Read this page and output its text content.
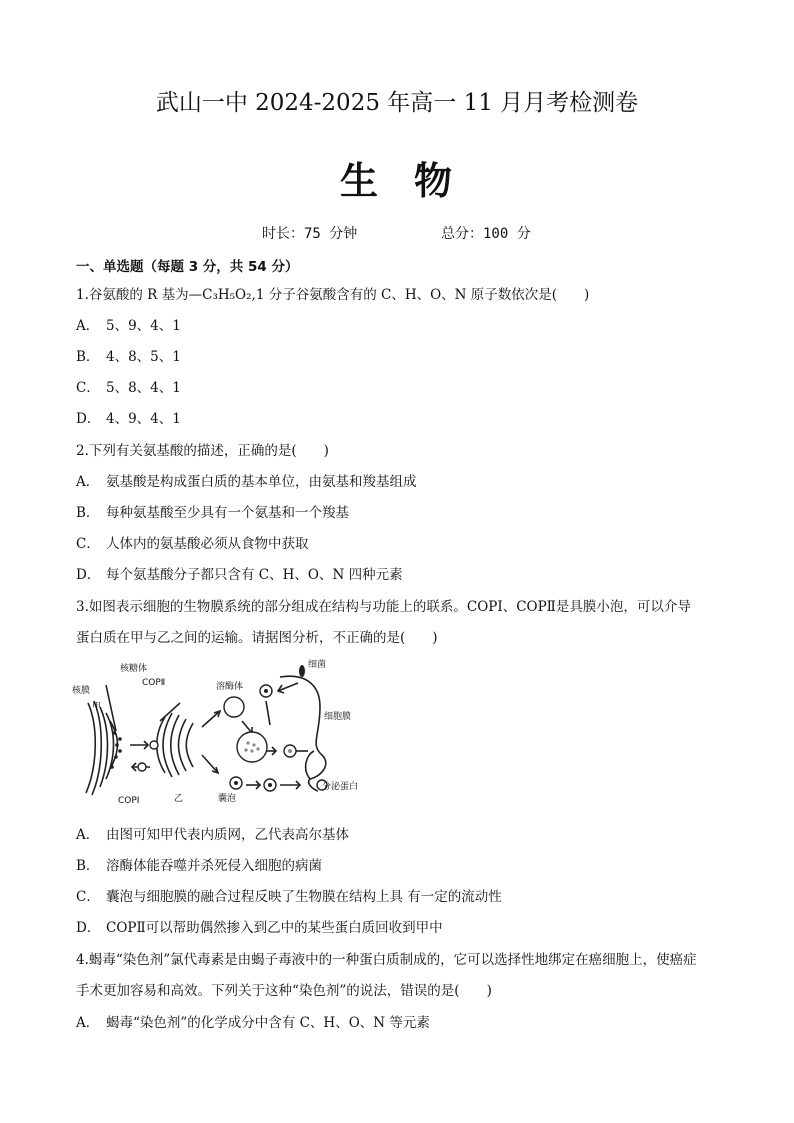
武山一中 2024-2025 年高一 11 月月考检测卷
生 物
时长：75 分钟	总分：100 分
一、单选题（每题 3 分，共 54 分）
1.谷氨酸的 R 基为—C₃H₅O₂,1 分子谷氨酸含有的 C、H、O、N 原子数依次是(　　)
A． 5、9、4、1
B． 4、8、5、1
C． 5、8、4、1
D． 4、9、4、1
2.下列有关氨基酸的描述，正确的是(　　)
A． 氨基酸是构成蛋白质的基本单位，由氨基和羧基组成
B． 每种氨基酸至少具有一个氨基和一个羧基
C． 人体内的氨基酸必须从食物中获取
D． 每个氨基酸分子都只含有 C、H、O、N 四种元素
3.如图表示细胞的生物膜系统的部分组成在结构与功能上的联系。COPⅠ、COPⅡ是具膜小泡，可以介导
蛋白质在甲与乙之间的运输。请据图分析，不正确的是(　　)
核糖体
COPⅡ
核膜
甲
COPⅠ	乙
溶酶体
细菌
细胞膜
囊泡
分泌蛋白
A． 由图可知甲代表内质网，乙代表高尔基体
B． 溶酶体能吞噬并杀死侵入细胞的病菌
C． 囊泡与细胞膜的融合过程反映了生物膜在结构上具 有一定的流动性
D． COPⅡ可以帮助偶然掺入到乙中的某些蛋白质回收到甲中
4.蝎毒“染色剂”氯代毒素是由蝎子毒液中的一种蛋白质制成的，它可以选择性地绑定在癌细胞上，使癌症
手术更加容易和高效。下列关于这种“染色剂”的说法，错误的是(　　)
A． 蝎毒“染色剂”的化学成分中含有 C、H、O、N 等元素
